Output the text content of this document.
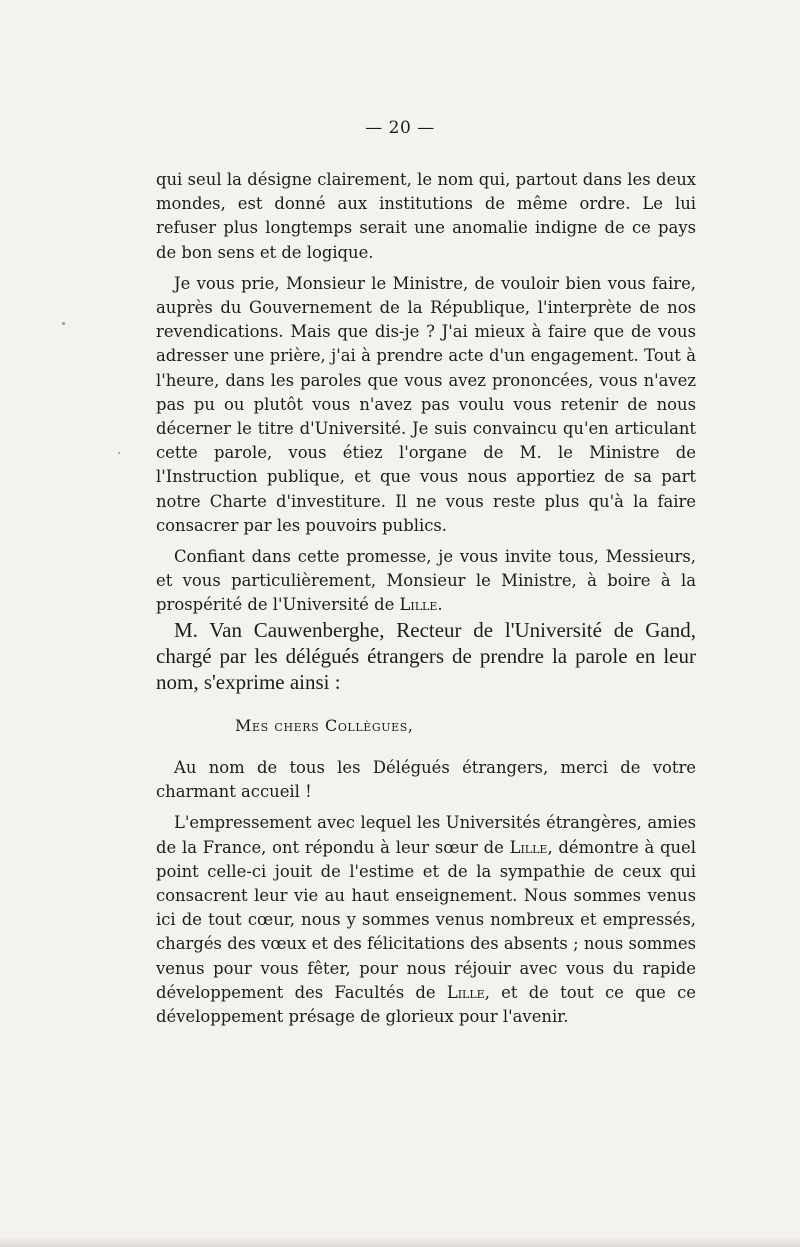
— 20 —

qui seul la désigne clairement, le nom qui, partout dans les deux mondes, est donné aux institutions de même ordre. Le lui refuser plus longtemps serait une anomalie indigne de ce pays de bon sens et de logique.

Je vous prie, Monsieur le Ministre, de vouloir bien vous faire, auprès du Gouvernement de la République, l'interprète de nos revendications. Mais que dis-je ? J'ai mieux à faire que de vous adresser une prière, j'ai à prendre acte d'un engagement. Tout à l'heure, dans les paroles que vous avez prononcées, vous n'avez pas pu ou plutôt vous n'avez pas voulu vous retenir de nous décerner le titre d'Université. Je suis convaincu qu'en articulant cette parole, vous étiez l'organe de M. le Ministre de l'Instruction publique, et que vous nous apportiez de sa part notre Charte d'investiture. Il ne vous reste plus qu'à la faire consacrer par les pouvoirs publics.

Confiant dans cette promesse, je vous invite tous, Messieurs, et vous particulièrement, Monsieur le Ministre, à boire à la prospérité de l'Université de Lille.

M. Van Cauwenberghe, Recteur de l'Université de Gand, chargé par les délégués étrangers de prendre la parole en leur nom, s'exprime ainsi :
Mes chers Collègues,

Au nom de tous les Délégués étrangers, merci de votre charmant accueil !

L'empressement avec lequel les Universités étrangères, amies de la France, ont répondu à leur sœur de Lille, démontre à quel point celle-ci jouit de l'estime et de la sympathie de ceux qui consacrent leur vie au haut enseignement. Nous sommes venus ici de tout cœur, nous y sommes venus nombreux et empressés, chargés des vœux et des félicitations des absents ; nous sommes venus pour vous fêter, pour nous réjouir avec vous du rapide développement des Facultés de Lille, et de tout ce que ce développement présage de glorieux pour l'avenir.
